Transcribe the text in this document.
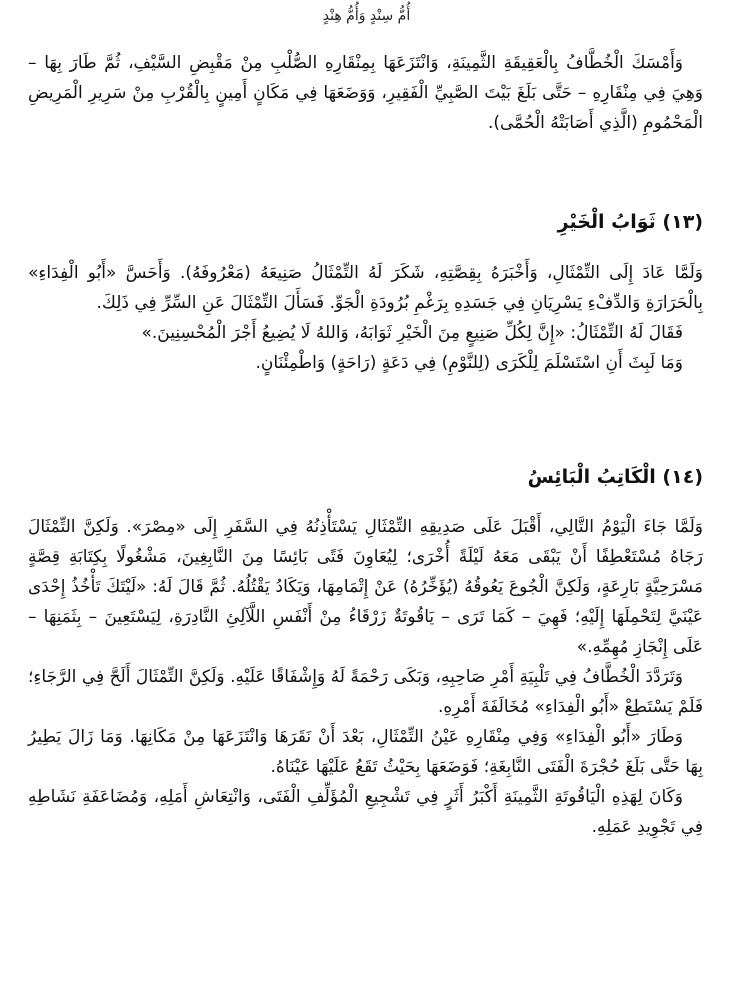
أُمُّ سِنْدٍ وَأُمُّ هِنْدٍ

وَأَمْسَكَ الْخُطَّافُ بِالْعَقِيقَةِ الثَّمِينَةِ، وَانْتَزَعَهَا بِمِنْقَارِهِ الصُّلْبِ مِنْ مَقْبِضِ السَّيْفِ، ثُمَّ طَارَ بِهَا – وَهِيَ فِي مِنْقَارِهِ – حَتَّى بَلَغَ بَيْتَ الصَّبِيِّ الْفَقِيرِ، وَوَضَعَهَا فِي مَكَانٍ أَمِينٍ بِالْقُرْبِ مِنْ سَرِيرِ الْمَرِيضِ الْمَحْمُومِ (الَّذِي أَصَابَتْهُ الْحُمَّى).

(١٣) ثَوَابُ الْخَيْرِ

وَلَمَّا عَادَ إِلَى التِّمْثَالِ، وَأَخْبَرَهُ بِقِصَّتِهِ، شَكَرَ لَهُ التِّمْثَالُ صَنِيعَهُ (مَعْرُوفَهُ). وَأَحَسَّ «أَبُو الْفِدَاءِ» بِالْحَرَارَةِ وَالدِّفْءِ يَسْرِيَانِ فِي جَسَدِهِ بِرَغْمِ بُرُودَةِ الْجَوِّ. فَسَأَلَ التِّمْثَالَ عَنِ السِّرِّ فِي ذَلِكَ.

فَقَالَ لَهُ التِّمْثَالُ: «إِنَّ لِكُلِّ صَنِيعٍ مِنَ الْخَيْرِ ثَوَابَهُ، وَاللهُ لَا يُضِيعُ أَجْرَ الْمُحْسِنِينَ.»

وَمَا لَبِثَ أَنِ اسْتَسْلَمَ لِلْكَرَى (لِلنَّوْمِ) فِي دَعَةٍ (رَاحَةٍ) وَاطْمِئْنَانٍ.

(١٤) الْكَاتِبُ الْبَائِسُ

وَلَمَّا جَاءَ الْيَوْمُ التَّالِي، أَقْبَلَ عَلَى صَدِيقِهِ التِّمْثَالِ يَسْتَأْذِنُهُ فِي السَّفَرِ إِلَى «مِصْرَ». وَلَكِنَّ التِّمْثَالَ رَجَاهُ مُسْتَعْطِفًا أَنْ يَبْقَى مَعَهُ لَيْلَةً أُخْرَى؛ لِيُعَاوِنَ فَتًى بَائِسًا مِنَ النَّابِغِينَ، مَشْغُولًا بِكِتَابَةِ قِصَّةٍ مَسْرَحِيَّةٍ بَارِعَةٍ، وَلَكِنَّ الْجُوعَ يَعُوقُهُ (يُؤَخِّرُهُ) عَنْ إِتْمَامِهَا، وَيَكَادُ يَقْتُلُهُ. ثُمَّ قَالَ لَهُ: «لَيْتَكَ تَأْخُذُ إِحْدَى عَيْنَيَّ لِتَحْمِلَهَا إِلَيْهِ؛ فَهِيَ – كَمَا تَرَى – يَاقُوتَةٌ زَرْقَاءُ مِنْ أَنْفَسِ اللَّآلِئِ النَّادِرَةِ، لِيَسْتَعِينَ – بِثَمَنِهَا – عَلَى إِنْجَازِ مُهِمِّهِ.»

وَتَرَدَّدَ الْخُطَّافُ فِي تَلْبِيَةِ أَمْرِ صَاحِبِهِ، وَبَكَى رَحْمَةً لَهُ وَإِشْفَاقًا عَلَيْهِ. وَلَكِنَّ التِّمْثَالَ أَلَحَّ فِي الرَّجَاءِ؛ فَلَمْ يَسْتَطِعْ «أَبُو الْفِدَاءِ» مُخَالَفَةَ أَمْرِهِ.

وَطَارَ «أَبُو الْفِدَاءِ» وَفِي مِنْقَارِهِ عَيْنُ التِّمْثَالِ، بَعْدَ أَنْ نَقَرَهَا وَانْتَزَعَهَا مِنْ مَكَانِهَا. وَمَا زَالَ يَطِيرُ بِهَا حَتَّى بَلَغَ حُجْرَةَ الْفَتَى النَّابِغَةِ؛ فَوَضَعَهَا بِحَيْثُ تَقَعُ عَلَيْهَا عَيْنَاهُ.

وَكَانَ لِهَذِهِ الْيَاقُوتَةِ الثَّمِينَةِ أَكْبَرُ أَثَرٍ فِي تَشْجِيعِ الْمُؤَلِّفِ الْفَتَى، وَانْتِعَاشِ أَمَلِهِ، وَمُضَاعَفَةِ نَشَاطِهِ فِي تَجْوِيدِ عَمَلِهِ.
